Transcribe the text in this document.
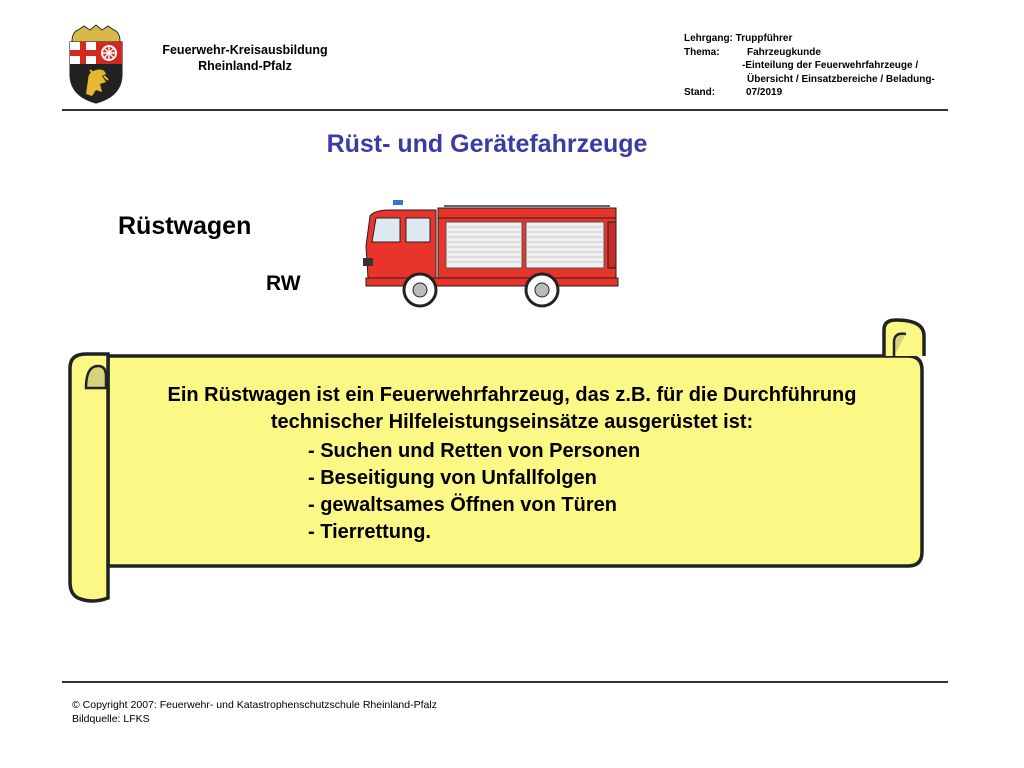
Feuerwehr-Kreisausbildung
Rheinland-Pfalz
Lehrgang: Truppführer
Thema:	Fahrzeugkunde
-Einteilung der Feuerwehrfahrzeuge /
Übersicht / Einsatzbereiche / Beladung-
Stand:	07/2019
Rüst- und Gerätefahrzeuge
Rüstwagen
RW
Ein Rüstwagen ist ein Feuerwehrfahrzeug, das z.B. für die Durchführung technischer Hilfeleistungseinsätze ausgerüstet ist:
- Suchen und Retten von Personen
- Beseitigung von Unfallfolgen
- gewaltsames Öffnen von Türen
- Tierrettung.
© Copyright 2007: Feuerwehr- und Katastrophenschutzschule Rheinland-Pfalz
Bildquelle: LFKS
